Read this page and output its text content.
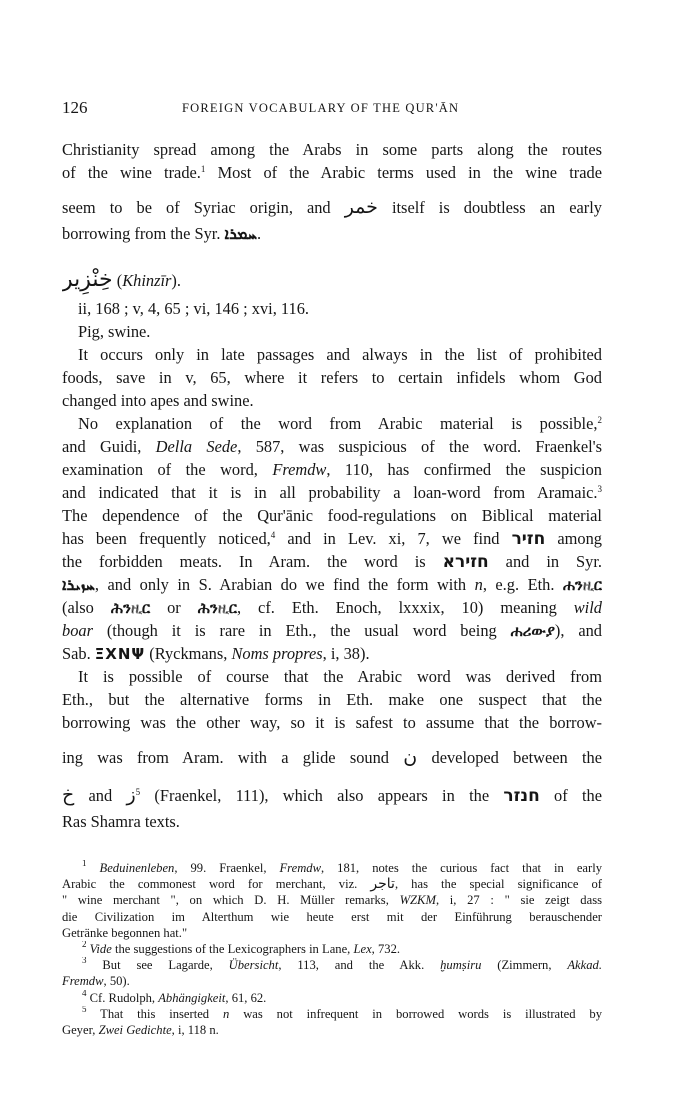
126	FOREIGN VOCABULARY OF THE QUR'ĀN
Christianity spread among the Arabs in some parts along the routes
of the wine trade.$^1$ Most of the Arabic terms used in the wine trade
seem to be of Syriac origin, and خمر itself is doubtless an early
borrowing from the Syr. ܚܡܪܐ.
خِنْزِير (Khinzīr).
ii, 168 ; v, 4, 65 ; vi, 146 ; xvi, 116.
Pig, swine.
It occurs only in late passages and always in the list of prohibited
foods, save in v, 65, where it refers to certain infidels whom God
changed into apes and swine.
No explanation of the word from Arabic material is possible,$^2$
and Guidi, Della Sede, 587, was suspicious of the word. Fraenkel's
examination of the word, Fremdw, 110, has confirmed the suspicion
and indicated that it is in all probability a loan-word from Aramaic.$^3$
The dependence of the Qur'ānic food-regulations on Biblical material
has been frequently noticed,$^4$ and in Lev. xi, 7, we find חזיר among
the forbidden meats. In Aram. the word is חזירא and in Syr.
ܚܙܝܪܐ, and only in S. Arabian do we find the form with n, e.g. Eth. ሐንዚር
(also ሕንዚር or ሕንዚር, cf. Eth. Enoch, lxxxix, 10) meaning wild
boar (though it is rare in Eth., the usual word being ሐሪውያ), and
Sab. ΞΧΝΨ (Ryckmans, Noms propres, i, 38).
It is possible of course that the Arabic word was derived from
Eth., but the alternative forms in Eth. make one suspect that the
borrowing was the other way, so it is safest to assume that the borrow-
ing was from Aram. with a glide sound ن developed between the
خ and ز$^5$ (Fraenkel, 111), which also appears in the חנזר of the
Ras Shamra texts.
$^1$ Beduinenleben, 99. Fraenkel, Fremdw, 181, notes the curious fact that in early
Arabic the commonest word for merchant, viz. تاجر, has the special significance of
" wine merchant ", on which D. H. Müller remarks, WZKM, i, 27 : " sie zeigt dass
die Civilization im Alterthum wie heute erst mit der Einführung berauschender
Getränke begonnen hat."
$^2$ Vide the suggestions of the Lexicographers in Lane, Lex, 732.
$^3$ But see Lagarde, Übersicht, 113, and the Akk. ḫumṣiru (Zimmern, Akkad.
Fremdw, 50).
$^4$ Cf. Rudolph, Abhängigkeit, 61, 62.
$^5$ That this inserted n was not infrequent in borrowed words is illustrated by
Geyer, Zwei Gedichte, i, 118 n.
